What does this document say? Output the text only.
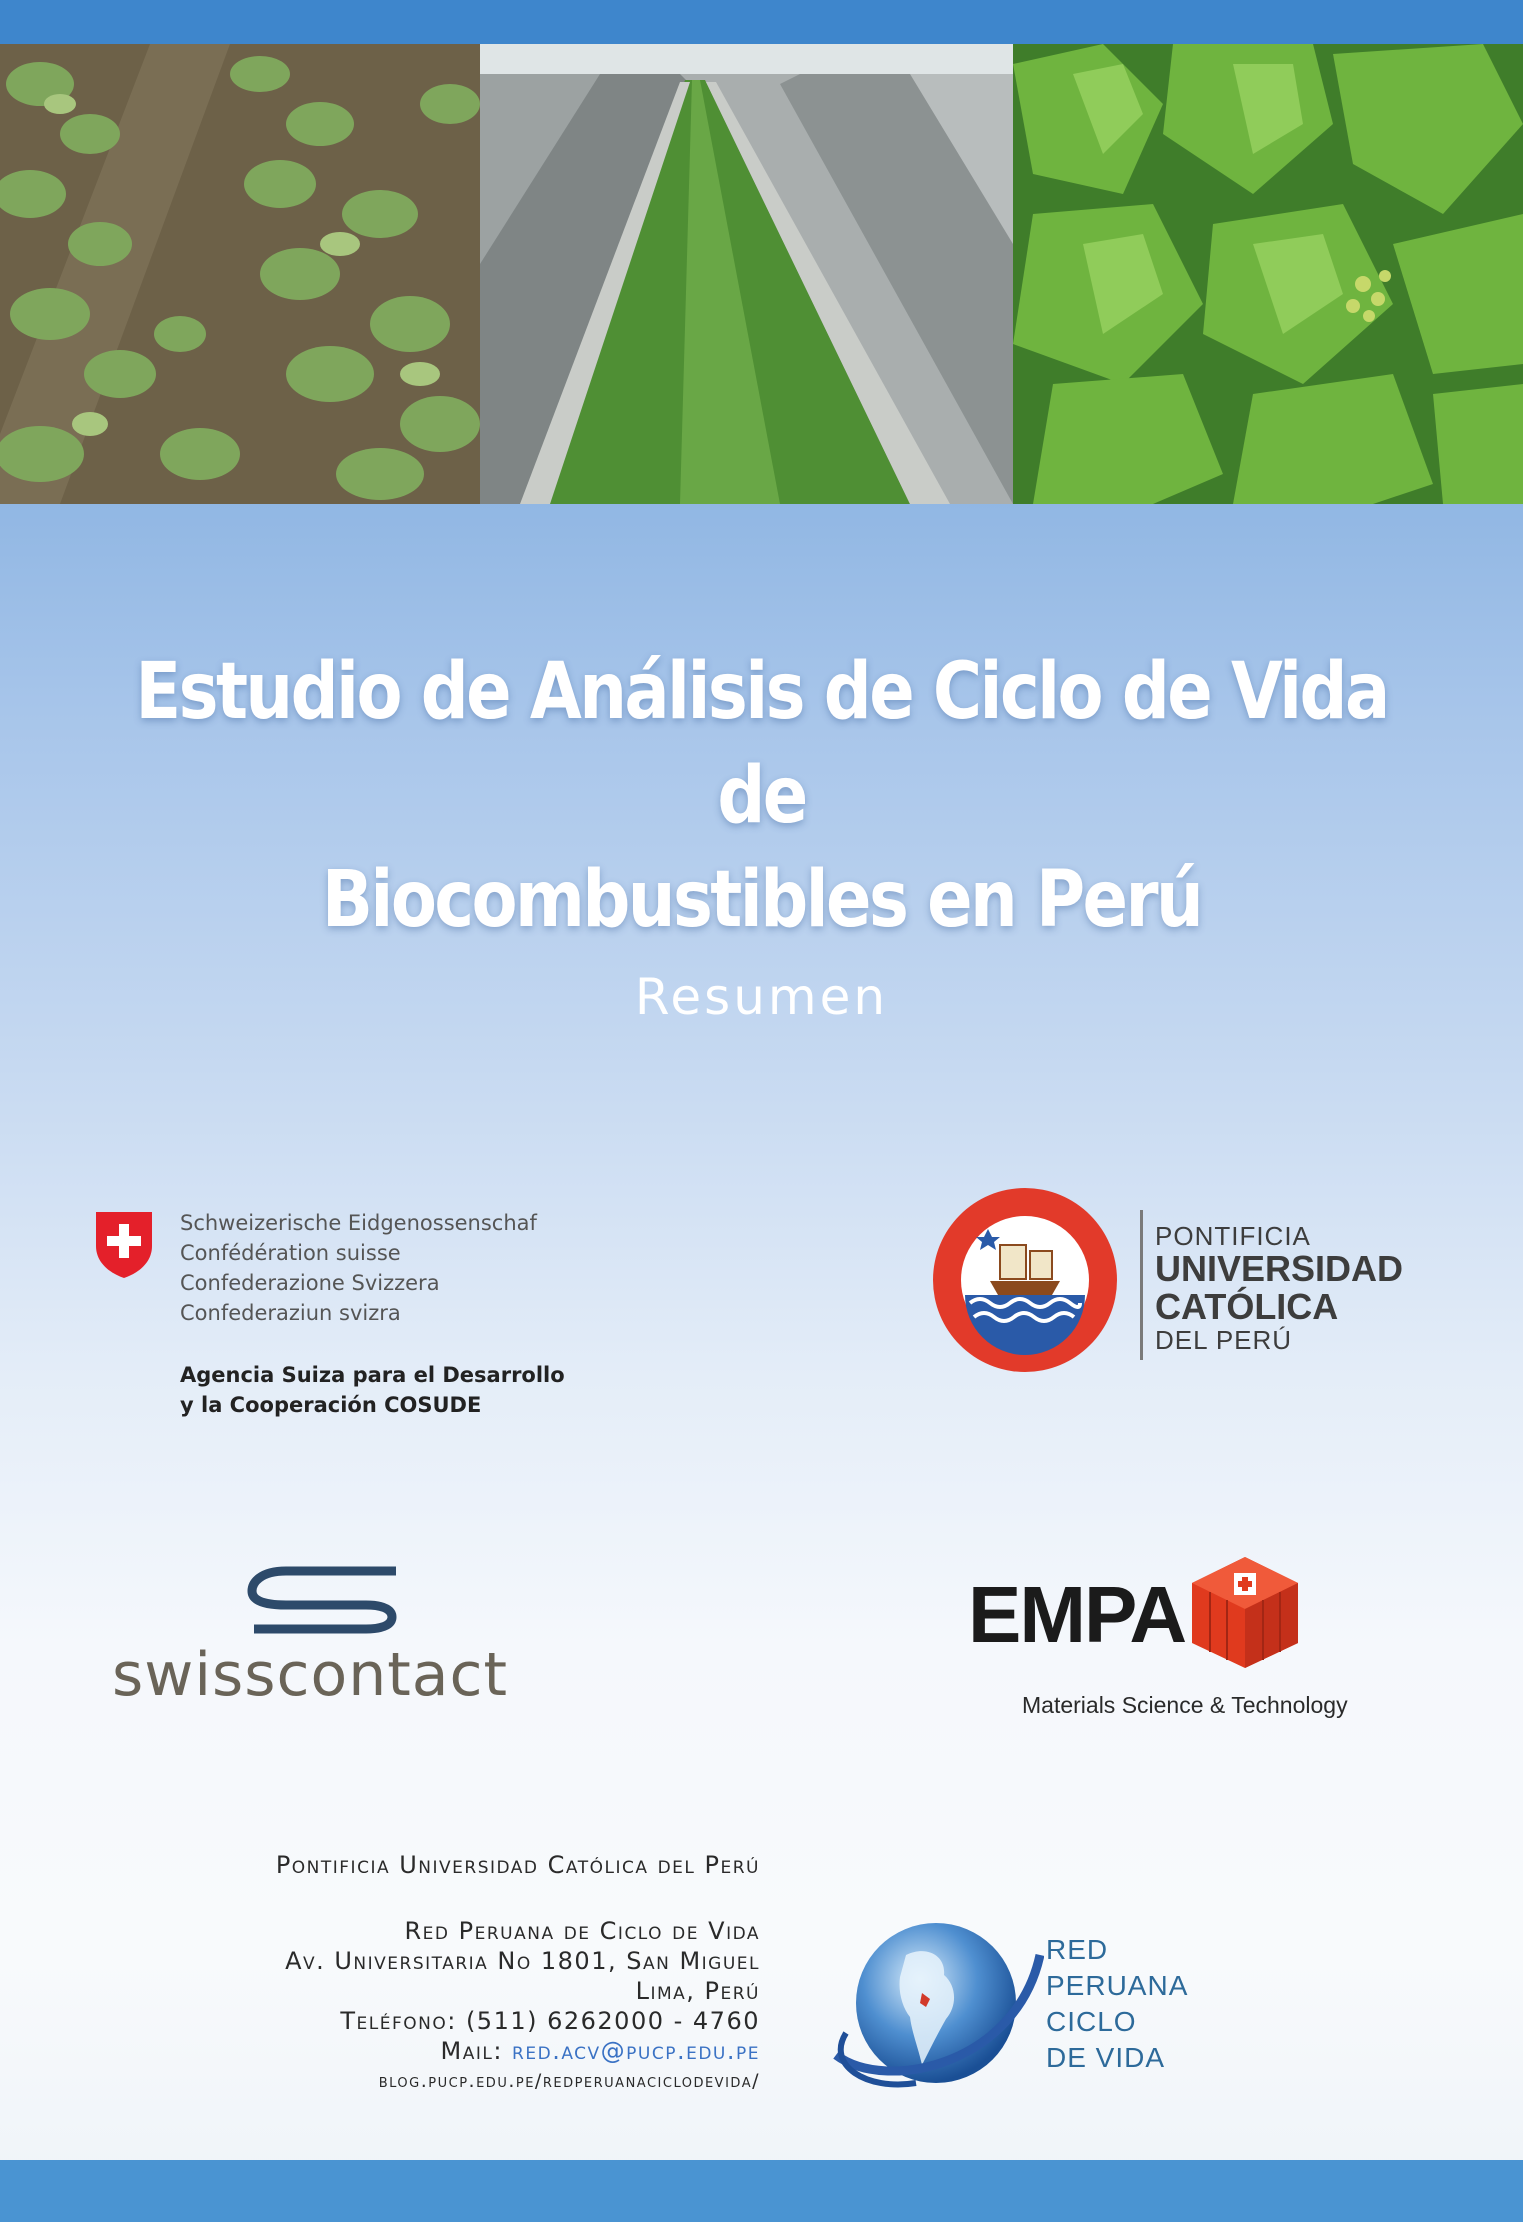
Estudio de Análisis de Ciclo de Vida de
Biocombustibles en Perú
Resumen
Schweizerische Eidgenossenschaf
Confédération suisse
Confederazione Svizzera
Confederaziun svizra
Agencia Suiza para el Desarrollo
y la Cooperación COSUDE
PONTIFICIA
UNIVERSIDAD
CATÓLICA
DEL PERÚ
swisscontact
EMPA
Materials Science & Technology
Pontificia Universidad Católica del Perú
Red Peruana de Ciclo de Vida
Av. Universitaria No 1801, San Miguel
Lima, Perú
Teléfono: (511) 6262000 - 4760
Mail: red.acv@pucp.edu.pe
blog.pucp.edu.pe/redperuanaciclodevida/
RED
PERUANA
CICLO
DE VIDA
